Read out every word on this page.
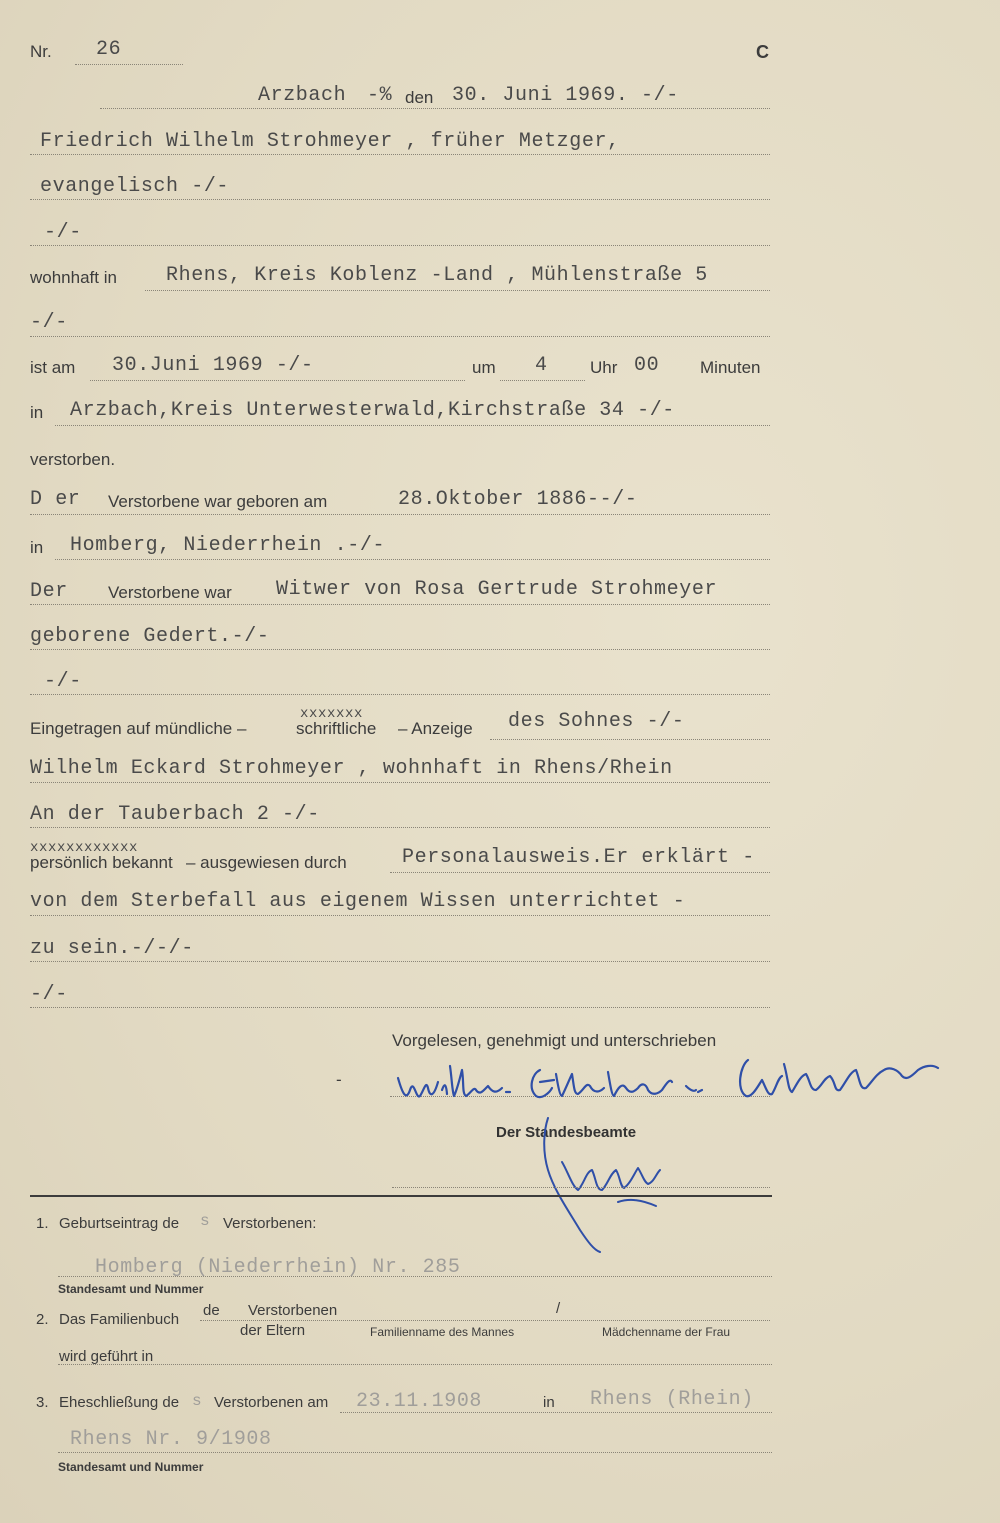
Nr. 26	C
Arzbach -% den 30. Juni 1969. -/-
Friedrich Wilhelm Strohmeyer , früher Metzger,
evangelisch -/-
-/-
wohnhaft in Rhens, Kreis Koblenz -Land , Mühlenstraße 5
-/-
ist am 30.Juni 1969 -/-	um 4 Uhr 00 Minuten
in Arzbach,Kreis Unterwesterwald,Kirchstraße 34 -/-
verstorben.
D er Verstorbene war geboren am	28.Oktober 1886--/-
in Homberg, Niederrhein .-/-
Der Verstorbene war Witwer von Rosa Gertrude Strohmeyer
geborene Gedert.-/-
-/-
Eingetragen auf mündliche –	schriftliche
xxxxxxx
– Anzeige des Sohnes -/-
Wilhelm Eckard Strohmeyer , wohnhaft in Rhens/Rhein
An der Tauberbach 2 -/-
persönlich bekannt
xxxxxxxxxxxx
– ausgewiesen durch	Personalausweis.Er erklärt -
von dem Sterbefall aus eigenem Wissen unterrichtet -
zu sein.-/-/-
-/-
Vorgelesen, genehmigt und unterschrieben
-
Der Standesbeamte
1. Geburtseintrag de s Verstorbenen:
Homberg (Niederrhein) Nr. 285
Standesamt und Nummer
2. Das Familienbuch
de Verstorbenen	/
der Eltern	Familienname des Mannes	Mädchenname der Frau
wird geführt in
3. Eheschließung de s Verstorbenen am 23.11.1908	in Rhens (Rhein)
Rhens Nr. 9/1908
Standesamt und Nummer
